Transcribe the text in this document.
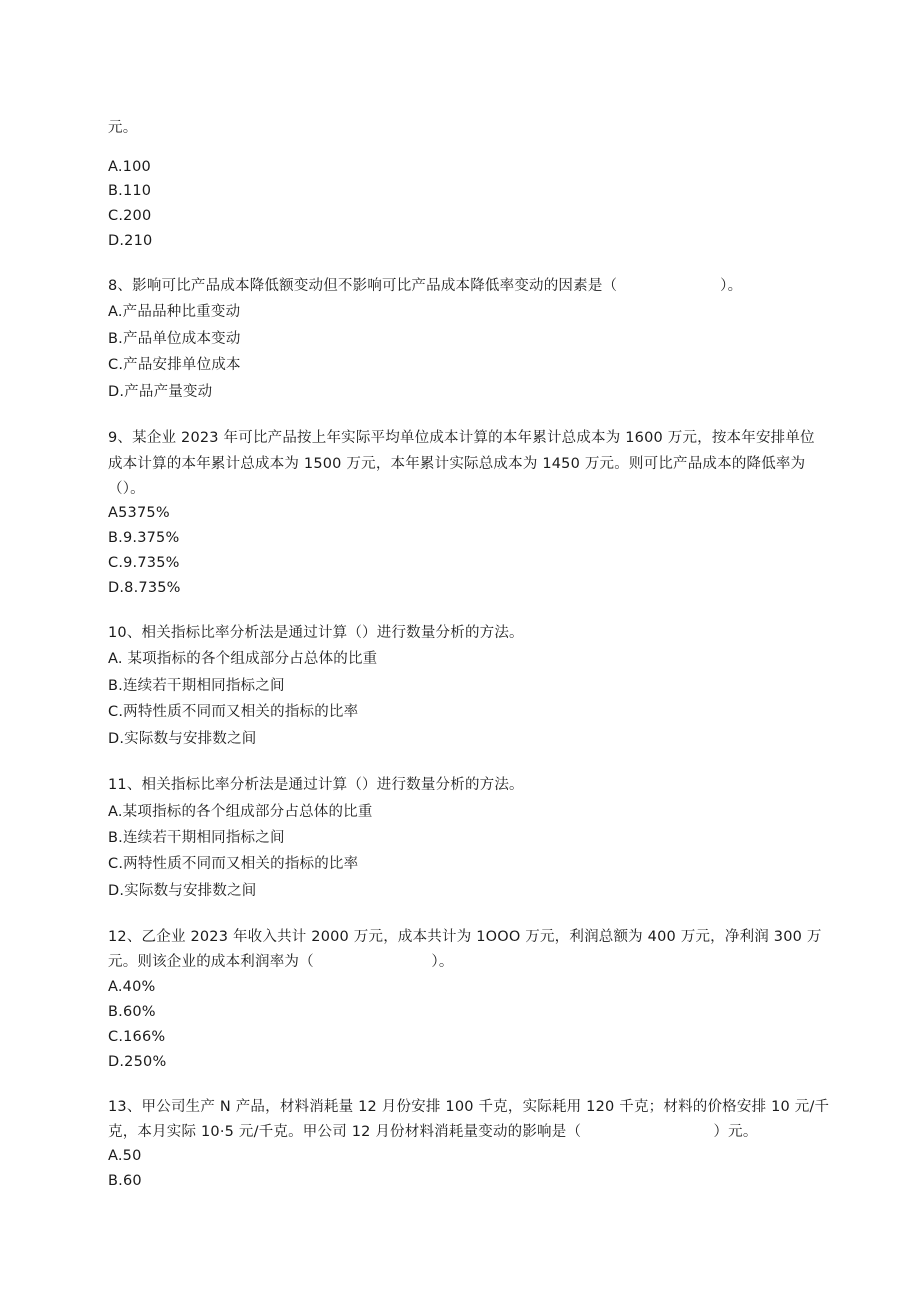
元。
A.100
B.110
C.200
D.210
8、影响可比产品成本降低额变动但不影响可比产品成本降低率变动的因素是（　　　　　　　）。
A.产品品种比重变动
B.产品单位成本变动
C.产品安排单位成本
D.产品产量变动
9、某企业 2023 年可比产品按上年实际平均单位成本计算的本年累计总成本为 1600 万元，按本年安排单位
成本计算的本年累计总成本为 1500 万元，本年累计实际总成本为 1450 万元。则可比产品成本的降低率为
（）。
A5375%
B.9.375%
C.9.735%
D.8.735%
10、相关指标比率分析法是通过计算（）进行数量分析的方法。
A. 某项指标的各个组成部分占总体的比重
B.连续若干期相同指标之间
C.两特性质不同而又相关的指标的比率
D.实际数与安排数之间
11、相关指标比率分析法是通过计算（）进行数量分析的方法。
A.某项指标的各个组成部分占总体的比重
B.连续若干期相同指标之间
C.两特性质不同而又相关的指标的比率
D.实际数与安排数之间
12、乙企业 2023 年收入共计 2000 万元，成本共计为 1OOO 万元，利润总额为 400 万元，净利润 300 万
元。则该企业的成本利润率为（　　　　　　　　）。
A.40%
B.60%
C.166%
D.250%
13、甲公司生产 N 产品，材料消耗量 12 月份安排 100 千克，实际耗用 120 千克；材料的价格安排 10 元/千
克，本月实际 10·5 元/千克。甲公司 12 月份材料消耗量变动的影响是（　　　　　　　　　）元。
A.50
B.60
